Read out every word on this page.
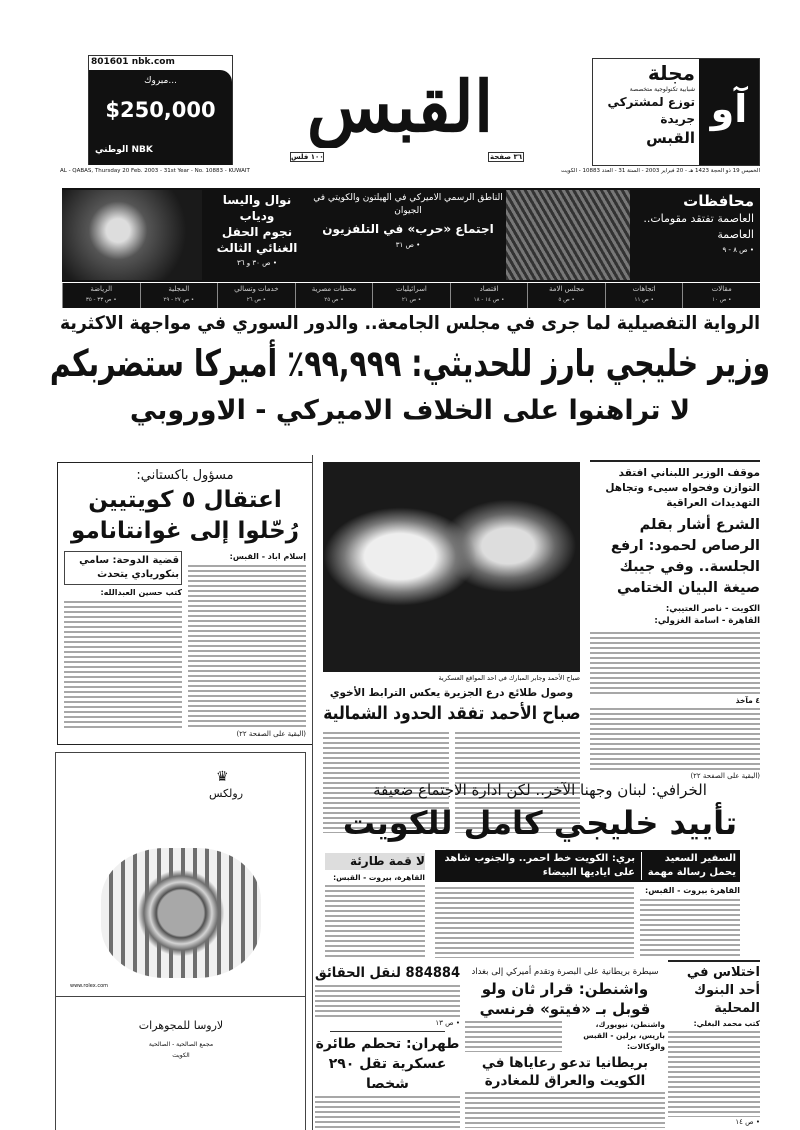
801601 nbk.com
مبروك...
$250,000
الوطني NBK
AL - QABAS, Thursday 20 Feb. 2003 - 31st Year - No. 10883 - KUWAIT
القبس
١٠٠ فلس	٣٦ صفحة
آو
مجلة
شبابية تكنولوجية متخصصة
توزع لمشتركي
جريدة
القبس
الخميس 19 ذو الحجة 1423 هـ - 20 فبراير 2003 - السنة 31 - العدد 10883 - الكويت
نوال واليسا ودياب
نجوم الحفل الغنائي الثالث
• ص ٣٠ و ٣٦
الناطق الرسمي الاميركي في الهيلتون والكويتي في الجيوان
اجتماع «حرب» في التلفزيون
• ص ٣١
محافظات
العاصمة تفتقد مقومات.. العاصمة
• ص ٨ - ٩
مقالات
• ص ١٠
اتجاهات
• ص ١١
مجلس الامة
• ص ٥
اقتصاد
• ص ١٤ - ١٨
اسرائيليات
• ص ٢١
محطات مصرية
• ص ٢٥
خدمات وتسالي
• ص ٢٦
المجلية
• ص ٢٧ - ٢٩
الرياضة
• ص ٣٣ - ٣٥
الرواية التفصيلية لما جرى في مجلس الجامعة.. والدور السوري في مواجهة الاكثرية
وزير خليجي بارز للحديثي: ٩٩,٩٩٩٪ أميركا ستضربكم
لا تراهنوا على الخلاف الاميركي - الاوروبي
مسؤول باكستاني:
اعتقال ٥ كويتيين رُحّلوا إلى غوانتانامو
إسلام اباد - القبس:
قضية الدوحة: سامي بنكوريادي يتحدث
كتب حسين العبدالله:
(البقية على الصفحة ٢٢)
صباح الأحمد وجابر المبارك في احد المواقع العسكرية
وصول طلائع درع الجزيرة يعكس الترابط الأخوي
صباح الأحمد تفقد الحدود الشمالية
موقف الوزير اللبناني افتقد التوازن وفحواه سيىء وتجاهل التهديدات العراقية
الشرع أشار بقلم الرصاص لحمود: ارفع الجلسة.. وفي جيبك صيغة البيان الختامي
الكويت - ناصر العتيبي:
القاهرة - اسامة الغزولي:
٤ مآخذ
(البقية على الصفحة ٢٢)
♛
رولكس
www.rolex.com
لاروسا للمجوهرات
مجمع الصالحية - الصالحية
الكويت
الخرافي: لبنان وجهنا الآخر.. لكن ادارة الاجتماع ضعيفة
تأييد خليجي كامل للكويت
السفير السعيد يحمل رسالة مهمة
بري: الكويت خط احمر.. والجنوب شاهد على اياديها البيضاء
القاهرة بيروت - القبس:
لا قمة طارئة
القاهرة، بيروت - القبس:
884884 لنقل الحقائق
• ص ١٣
طهران: تحطم طائرة عسكرية تقل ٢٩٠ شخصا
سيطرة بريطانية على البصرة وتقدم أميركي إلى بغداد
واشنطن: قرار ثان ولو قوبل بـ «فيتو» فرنسي
واشنطن، نيويورك، باريس، برلين - القبس والوكالات:
بريطانيا تدعو رعاياها في الكويت والعراق للمغادرة
اختلاس في أحد البنوك المحلية
كتب محمد البغلي:
• ص ١٤
